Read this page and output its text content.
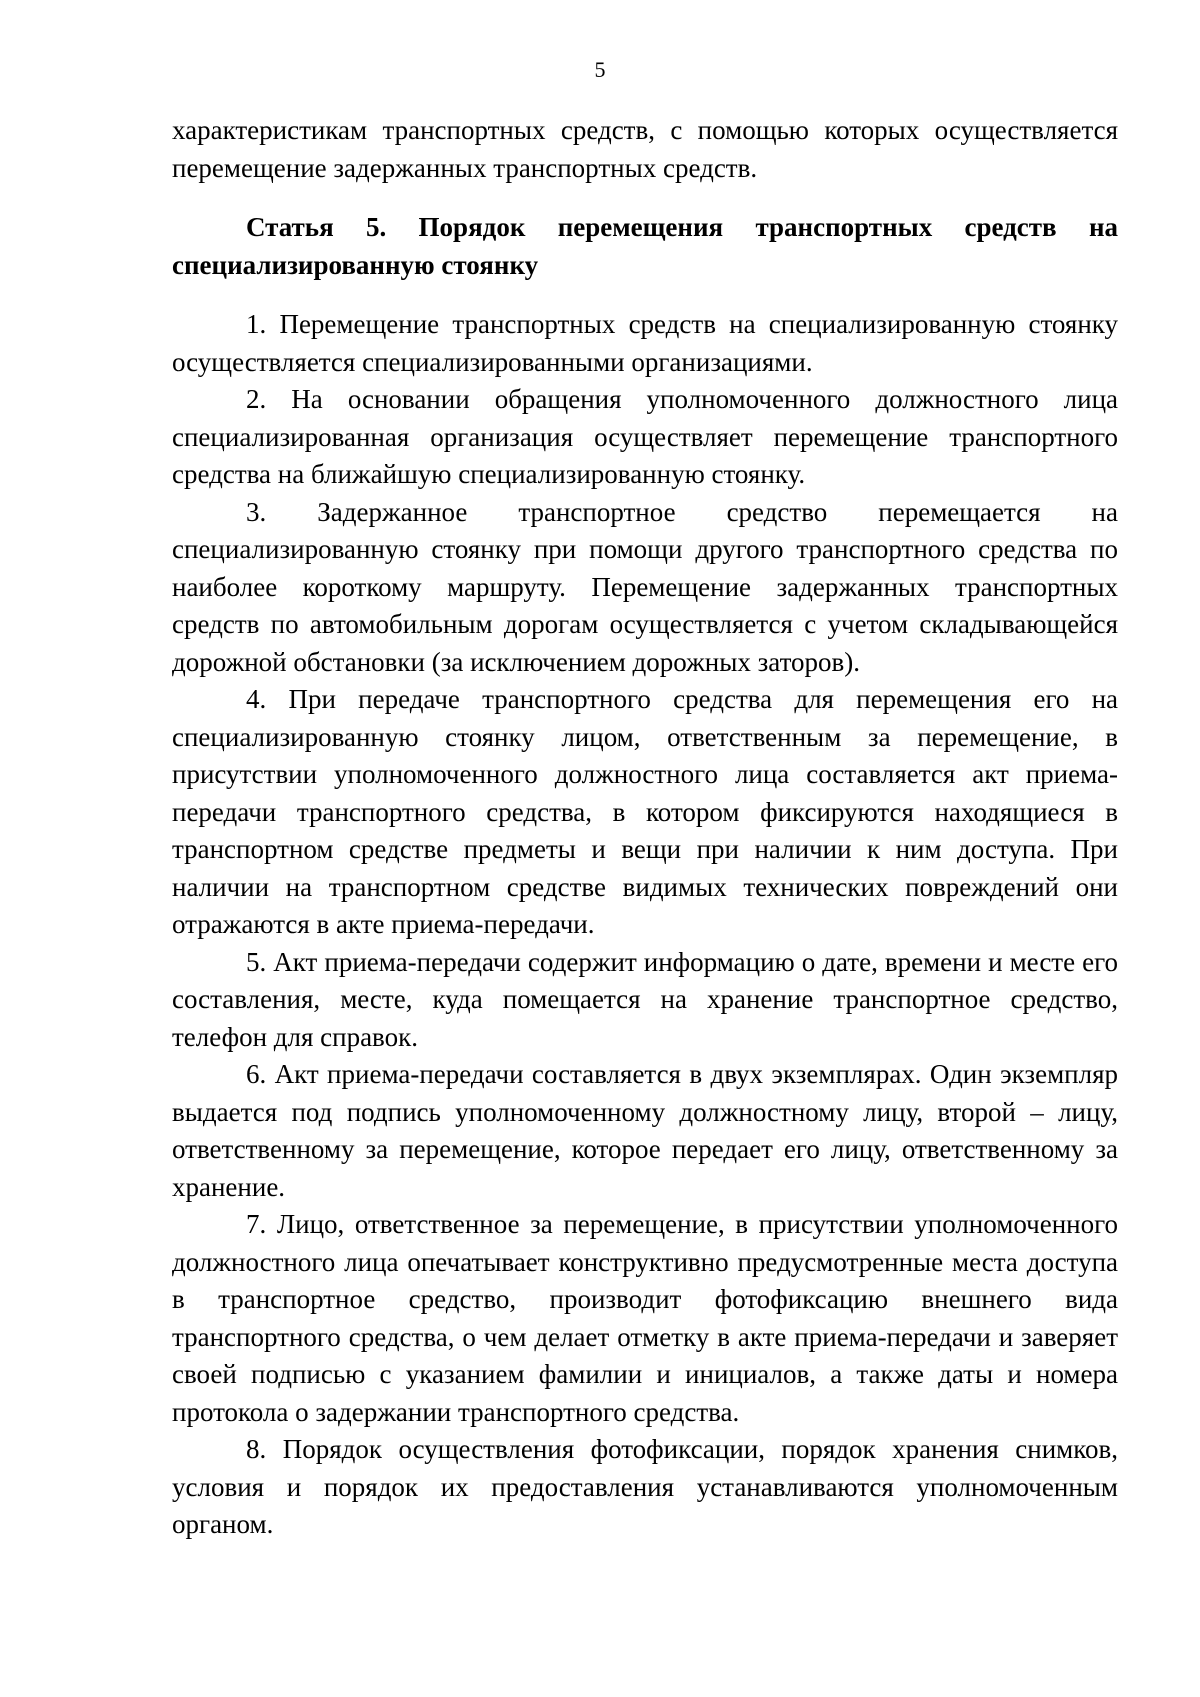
5

характеристикам транспортных средств, с помощью которых осуществляется перемещение задержанных транспортных средств.

Статья 5. Порядок перемещения транспортных средств на специализированную стоянку

1. Перемещение транспортных средств на специализированную стоянку осуществляется специализированными организациями.

2. На основании обращения уполномоченного должностного лица специализированная организация осуществляет перемещение транспортного средства на ближайшую специализированную стоянку.

3. Задержанное транспортное средство перемещается на специализированную стоянку при помощи другого транспортного средства по наиболее короткому маршруту. Перемещение задержанных транспортных средств по автомобильным дорогам осуществляется с учетом складывающейся дорожной обстановки (за исключением дорожных заторов).

4. При передаче транспортного средства для перемещения его на специализированную стоянку лицом, ответственным за перемещение, в присутствии уполномоченного должностного лица составляется акт приема-передачи транспортного средства, в котором фиксируются находящиеся в транспортном средстве предметы и вещи при наличии к ним доступа. При наличии на транспортном средстве видимых технических повреждений они отражаются в акте приема-передачи.

5. Акт приема-передачи содержит информацию о дате, времени и месте его составления, месте, куда помещается на хранение транспортное средство, телефон для справок.

6. Акт приема-передачи составляется в двух экземплярах. Один экземпляр выдается под подпись уполномоченному должностному лицу, второй – лицу, ответственному за перемещение, которое передает его лицу, ответственному за хранение.

7. Лицо, ответственное за перемещение, в присутствии уполномоченного должностного лица опечатывает конструктивно предусмотренные места доступа в транспортное средство, производит фотофиксацию внешнего вида транспортного средства, о чем делает отметку в акте приема-передачи и заверяет своей подписью с указанием фамилии и инициалов, а также даты и номера протокола о задержании транспортного средства.

8. Порядок осуществления фотофиксации, порядок хранения снимков, условия и порядок их предоставления устанавливаются уполномоченным органом.
